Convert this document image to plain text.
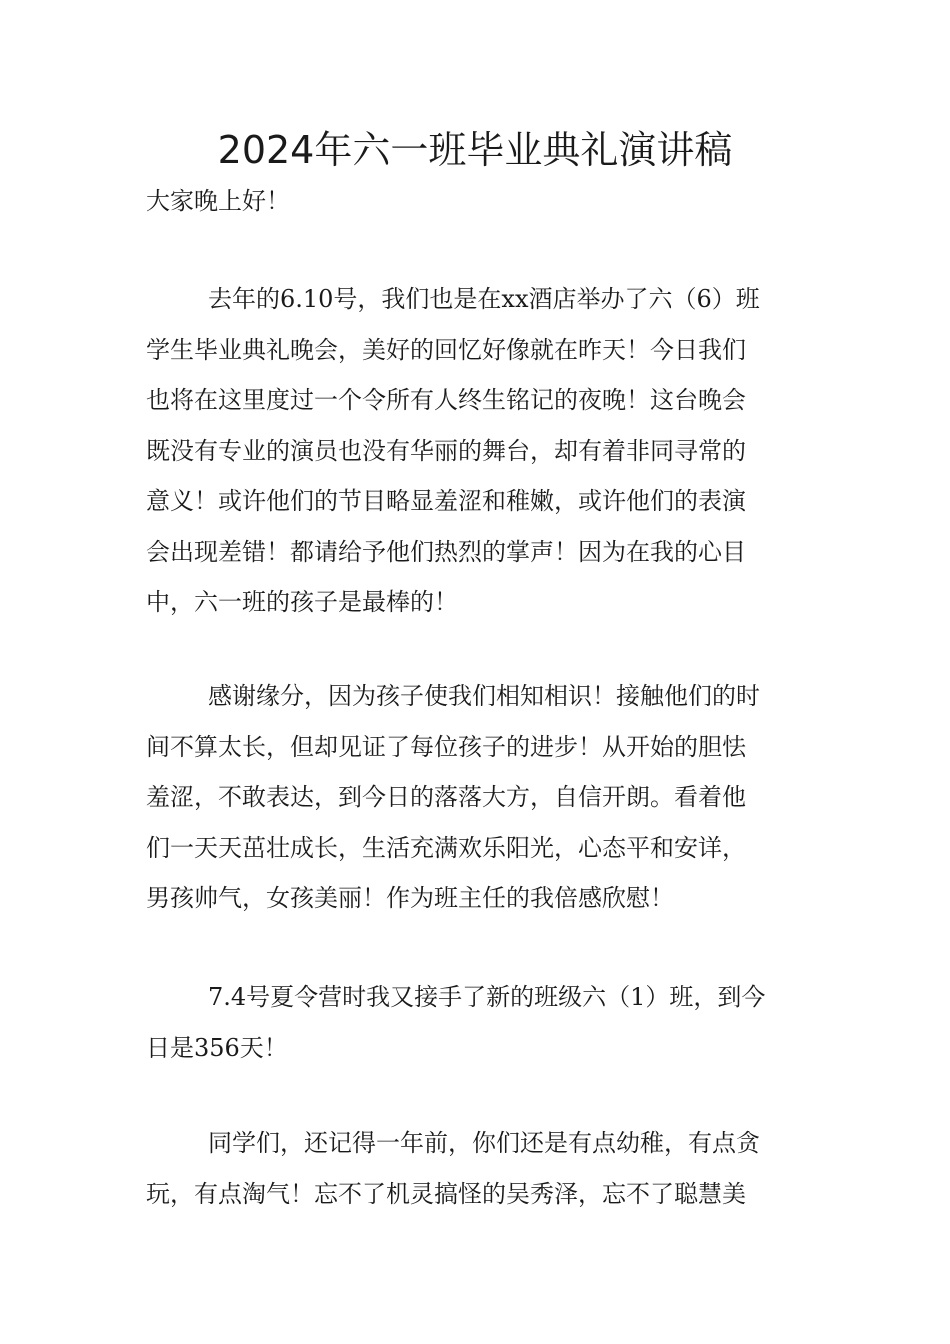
2024年六一班毕业典礼演讲稿

大家晚上好！

去年的6.10号，我们也是在xx酒店举办了六（6）班
学生毕业典礼晚会，美好的回忆好像就在昨天！今日我们
也将在这里度过一个令所有人终生铭记的夜晚！这台晚会
既没有专业的演员也没有华丽的舞台，却有着非同寻常的
意义！或许他们的节目略显羞涩和稚嫩，或许他们的表演
会出现差错！都请给予他们热烈的掌声！因为在我的心目
中，六一班的孩子是最棒的！
感谢缘分，因为孩子使我们相知相识！接触他们的时
间不算太长，但却见证了每位孩子的进步！从开始的胆怯
羞涩，不敢表达，到今日的落落大方，自信开朗。看着他
们一天天茁壮成长，生活充满欢乐阳光，心态平和安详，
男孩帅气，女孩美丽！作为班主任的我倍感欣慰！
7.4号夏令营时我又接手了新的班级六（1）班，到今
日是356天！
同学们，还记得一年前，你们还是有点幼稚，有点贪
玩，有点淘气！忘不了机灵搞怪的吴秀泽，忘不了聪慧美
